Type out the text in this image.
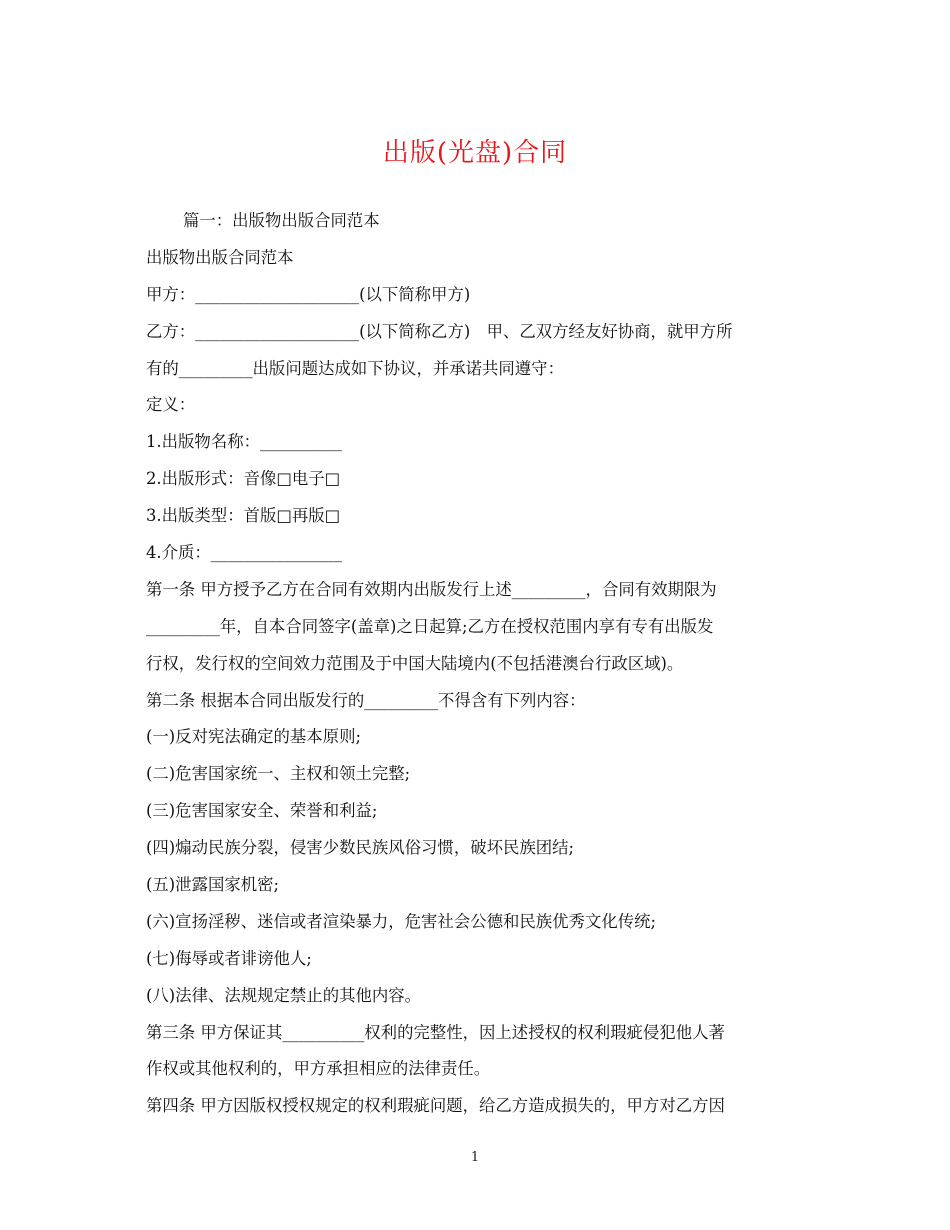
出版(光盘)合同
篇一：出版物出版合同范本
出版物出版合同范本
甲方：____________________(以下简称甲方)
乙方：____________________(以下简称乙方)　甲、乙双方经友好协商，就甲方所
有的_________出版问题达成如下协议，并承诺共同遵守：
定义：
1.出版物名称：__________
2.出版形式：音像□电子□
3.出版类型：首版□再版□
4.介质：________________
第一条 甲方授予乙方在合同有效期内出版发行上述_________，合同有效期限为
_________年，自本合同签字(盖章)之日起算;乙方在授权范围内享有专有出版发
行权，发行权的空间效力范围及于中国大陆境内(不包括港澳台行政区域)。
第二条 根据本合同出版发行的_________不得含有下列内容：
(一)反对宪法确定的基本原则;
(二)危害国家统一、主权和领土完整;
(三)危害国家安全、荣誉和利益;
(四)煽动民族分裂，侵害少数民族风俗习惯，破坏民族团结;
(五)泄露国家机密;
(六)宣扬淫秽、迷信或者渲染暴力，危害社会公德和民族优秀文化传统;
(七)侮辱或者诽谤他人;
(八)法律、法规规定禁止的其他内容。
第三条 甲方保证其__________权利的完整性，因上述授权的权利瑕疵侵犯他人著
作权或其他权利的，甲方承担相应的法律责任。
第四条 甲方因版权授权规定的权利瑕疵问题，给乙方造成损失的，甲方对乙方因
1
